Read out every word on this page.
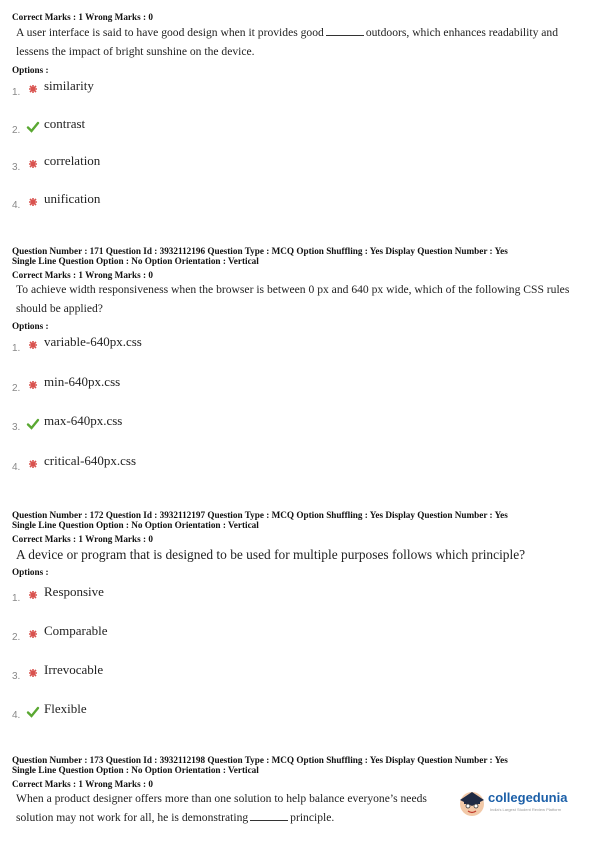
Correct Marks : 1 Wrong Marks : 0
A user interface is said to have good design when it provides good	outdoors, which enhances readability and
lessens the impact of bright sunshine on the device.
Options :
1.	similarity
2.	contrast
3.	correlation
4.	unification
Question Number : 171 Question Id : 3932112196 Question Type : MCQ Option Shuffling : Yes Display Question Number : Yes
Single Line Question Option : No Option Orientation : Vertical
Correct Marks : 1 Wrong Marks : 0
To achieve width responsiveness when the browser is between 0 px and 640 px wide, which of the following CSS rules
should be applied?
Options :
1.	variable-640px.css
2.	min-640px.css
3.	max-640px.css
4.	critical-640px.css
Question Number : 172 Question Id : 3932112197 Question Type : MCQ Option Shuffling : Yes Display Question Number : Yes
Single Line Question Option : No Option Orientation : Vertical
Correct Marks : 1 Wrong Marks : 0
A device or program that is designed to be used for multiple purposes follows which principle?
Options :
1.	Responsive
2.	Comparable
3.	Irrevocable
4.	Flexible
Question Number : 173 Question Id : 3932112198 Question Type : MCQ Option Shuffling : Yes Display Question Number : Yes
Single Line Question Option : No Option Orientation : Vertical
Correct Marks : 1 Wrong Marks : 0
When a product designer offers more than one solution to help balance everyone’s needs
solution may not work for all, he is demonstrating	principle.
collegedunia
India's Largest Student Review Platform
